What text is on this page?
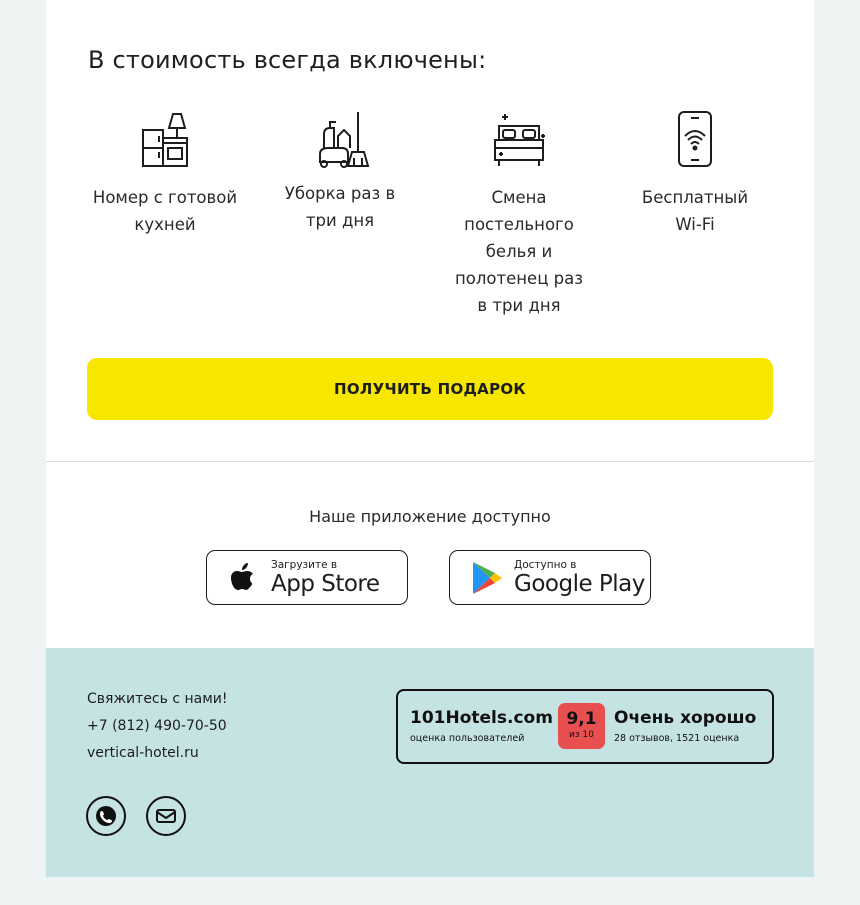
В стоимость всегда включены:
Номер с готовой кухней
Уборка раз в три дня
Смена постельного белья и полотенец раз в три дня
Бесплатный Wi-Fi
ПОЛУЧИТЬ ПОДАРОК
Наше приложение доступно
Загрузите в
App Store
Доступно в
Google Play
Свяжитесь с нами!
+7 (812) 490-70-50
vertical-hotel.ru
101Hotels.com
оценка пользователей
9,1
из 10
Очень хорошо
28 отзывов, 1521 оценка
